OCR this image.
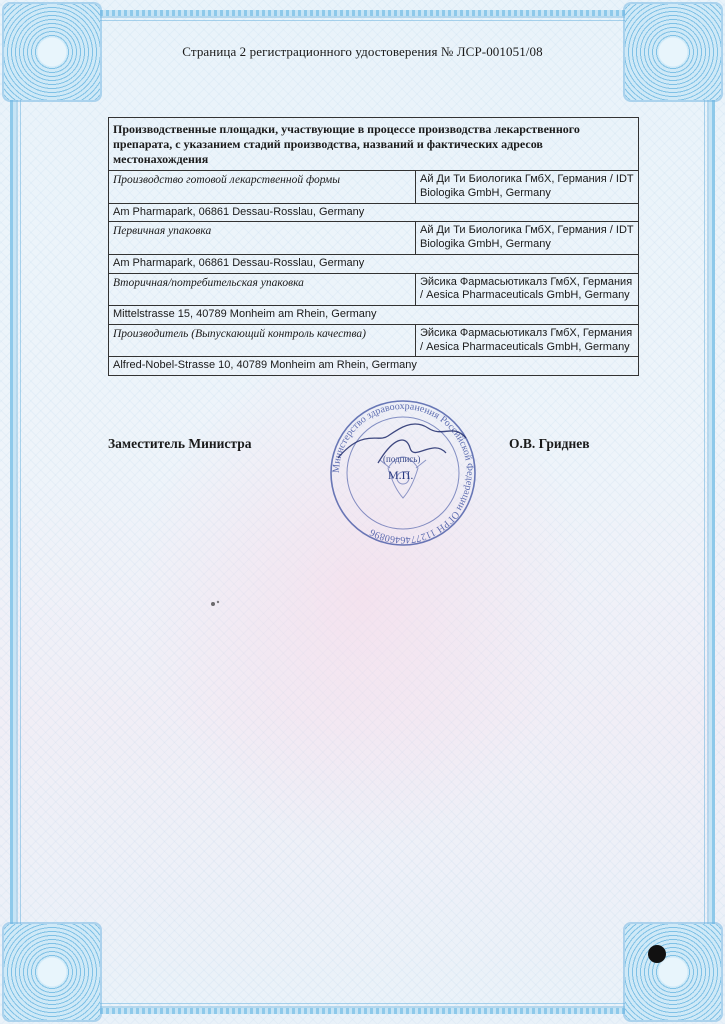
Страница 2 регистрационного удостоверения № ЛСР-001051/08
Производственные площадки, участвующие в процессе производства лекарственного препарата, с указанием стадий производства, названий и фактических адресов местонахождения	
Производство готовой лекарственной формы	Ай Ди Ти Биологика ГмбХ, Германия / IDT Biologika GmbH, Germany
Am Pharmapark, 06861 Dessau-Rosslau, Germany	
Первичная упаковка	Ай Ди Ти Биологика ГмбХ, Германия / IDT Biologika GmbH, Germany
Am Pharmapark, 06861 Dessau-Rosslau, Germany	
Вторичная/потребительская упаковка	Эйсика Фармасьютикалз ГмбХ, Германия / Aesica Pharmaceuticals GmbH, Germany
Mittelstrasse 15, 40789 Monheim am Rhein, Germany	
Производитель (Выпускающий контроль качества)	Эйсика Фармасьютикалз ГмбХ, Германия / Aesica Pharmaceuticals GmbH, Germany
Alfred-Nobel-Strasse 10, 40789 Monheim am Rhein, Germany	
Заместитель Министра	О.В. Гриднев
Министерство здравоохранения Российской Федерации ОГРН 1127746460896
(подпись)
М.П.
